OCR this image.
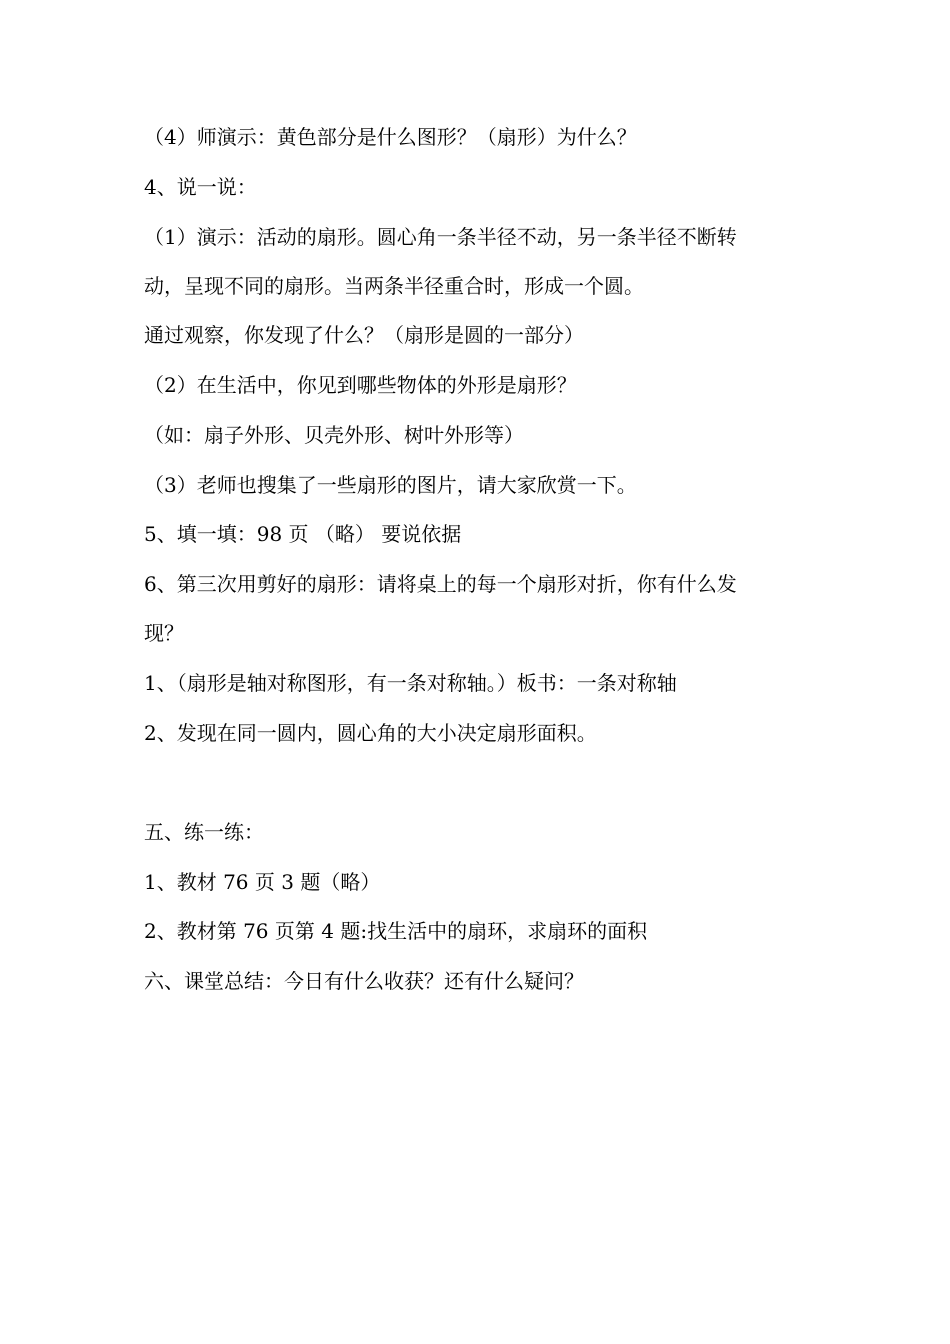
（4）师演示：黄色部分是什么图形？（扇形）为什么？
4、说一说：
（1）演示：活动的扇形。圆心角一条半径不动，另一条半径不断转
动，呈现不同的扇形。当两条半径重合时，形成一个圆。
通过观察，你发现了什么？（扇形是圆的一部分）
（2）在生活中，你见到哪些物体的外形是扇形？
（如：扇子外形、贝壳外形、树叶外形等）
（3）老师也搜集了一些扇形的图片，请大家欣赏一下。
5、填一填：98 页 （略） 要说依据
6、第三次用剪好的扇形：请将桌上的每一个扇形对折，你有什么发
现？
1、（扇形是轴对称图形，有一条对称轴。）板书：一条对称轴
2、发现在同一圆内，圆心角的大小决定扇形面积。
五、练一练：
1、教材 76 页 3 题（略）
2、教材第 76 页第 4 题:找生活中的扇环，求扇环的面积
六、课堂总结：今日有什么收获？还有什么疑问？
